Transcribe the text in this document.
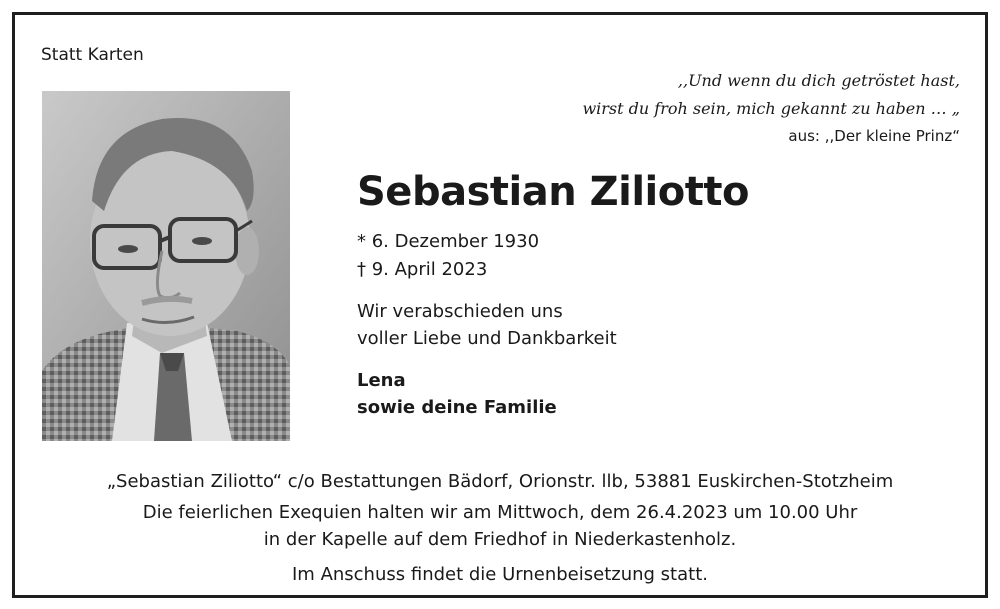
Statt Karten
,,Und wenn du dich getröstet hast,
wirst du froh sein, mich gekannt zu haben … „
aus: ,,Der kleine Prinz“
Sebastian Ziliotto
* 6. Dezember 1930
† 9. April 2023
Wir verabschieden uns
voller Liebe und Dankbarkeit
Lena
sowie deine Familie
„Sebastian Ziliotto“ c/o Bestattungen Bädorf, Orionstr. llb, 53881 Euskirchen-Stotzheim
Die feierlichen Exequien halten wir am Mittwoch, dem 26.4.2023 um 10.00 Uhr
in der Kapelle auf dem Friedhof in Niederkastenholz.
Im Anschuss findet die Urnenbeisetzung statt.
